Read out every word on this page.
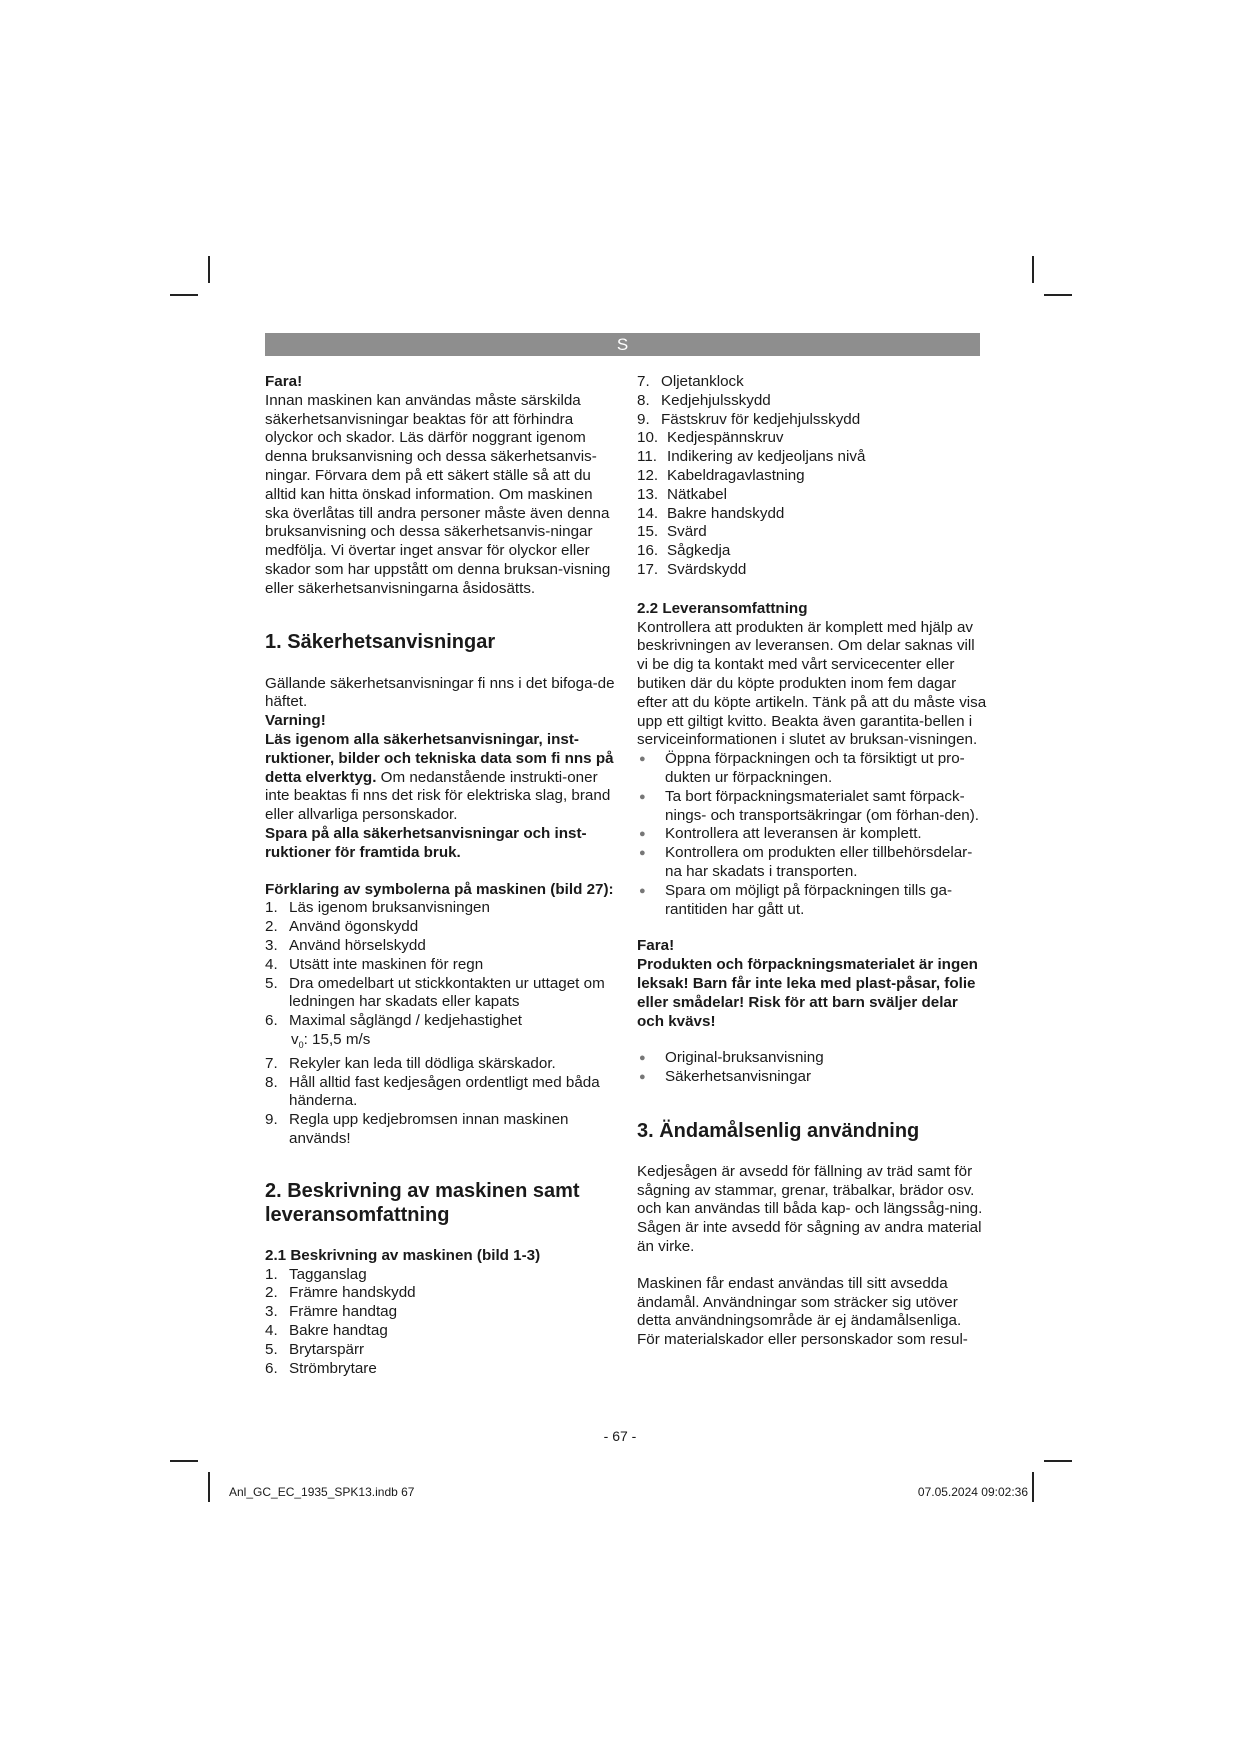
S

Fara!

Innan maskinen kan användas måste särskilda säkerhetsanvisningar beaktas för att förhindra olyckor och skador. Läs därför noggrant igenom denna bruksanvisning och dessa säkerhetsanvis-ningar. Förvara dem på ett säkert ställe så att du alltid kan hitta önskad information. Om maskinen ska överlåtas till andra personer måste även denna bruksanvisning och dessa säkerhetsanvis-ningar medfölja. Vi övertar inget ansvar för olyckor eller skador som har uppstått om denna bruksan-visning eller säkerhetsanvisningarna åsidosätts.

1. Säkerhetsanvisningar

Gällande säkerhetsanvisningar fi nns i det bifoga-de häftet.

Varning!

Läs igenom alla säkerhetsanvisningar, inst-ruktioner, bilder och tekniska data som fi nns på detta elverktyg. Om nedanstående instrukti-oner inte beaktas fi nns det risk för elektriska slag, brand eller allvarliga personskador.

Spara på alla säkerhetsanvisningar och inst-ruktioner för framtida bruk.

Förklaring av symbolerna på maskinen (bild 27):

1. Läs igenom bruksanvisningen
2. Använd ögonskydd
3. Använd hörselskydd
4. Utsätt inte maskinen för regn
5. Dra omedelbart ut stickkontakten ur uttaget om ledningen har skadats eller kapats
6. Maximal såglängd / kedjehastighet
$v_0$: 15,5 m/s
7. Rekyler kan leda till dödliga skärskador.
8. Håll alltid fast kedjesågen ordentligt med båda händerna.
9. Regla upp kedjebromsen innan maskinen används!

2. Beskrivning av maskinen samt leveransomfattning

2.1 Beskrivning av maskinen (bild 1-3)

1. Tagganslag
2. Främre handskydd
3. Främre handtag
4. Bakre handtag
5. Brytarspärr
6. Strömbrytare
7. Oljetanklock
8. Kedjehjulsskydd
9. Fästskruv för kedjehjulsskydd
10. Kedjespännskruv
11. Indikering av kedjeoljans nivå
12. Kabeldragavlastning
13. Nätkabel
14. Bakre handskydd
15. Svärd
16. Sågkedja
17. Svärdskydd

2.2 Leveransomfattning

Kontrollera att produkten är komplett med hjälp av beskrivningen av leveransen. Om delar saknas vill vi be dig ta kontakt med vårt servicecenter eller butiken där du köpte produkten inom fem dagar efter att du köpte artikeln. Tänk på att du måste visa upp ett giltigt kvitto. Beakta även garantita-bellen i serviceinformationen i slutet av bruksan-visningen.

●	Öppna förpackningen och ta försiktigt ut pro-dukten ur förpackningen.
●	Ta bort förpackningsmaterialet samt förpack-nings- och transportsäkringar (om förhan-den).
●	Kontrollera att leveransen är komplett.
●	Kontrollera om produkten eller tillbehörsdelar-na har skadats i transporten.
●	Spara om möjligt på förpackningen tills ga-rantitiden har gått ut.

Fara!

Produkten och förpackningsmaterialet är ingen leksak! Barn får inte leka med plast-påsar, folie eller smådelar! Risk för att barn sväljer delar och kvävs!

●	Original-bruksanvisning
●	Säkerhetsanvisningar

3. Ändamålsenlig användning

Kedjesågen är avsedd för fällning av träd samt för sågning av stammar, grenar, träbalkar, brädor osv. och kan användas till båda kap- och längssåg-ning. Sågen är inte avsedd för sågning av andra material än virke.

Maskinen får endast användas till sitt avsedda ändamål. Användningar som sträcker sig utöver detta användningsområde är ej ändamålsenliga. För materialskador eller personskador som resul-

- 67 -
Anl_GC_EC_1935_SPK13.indb 67	07.05.2024 09:02:36
